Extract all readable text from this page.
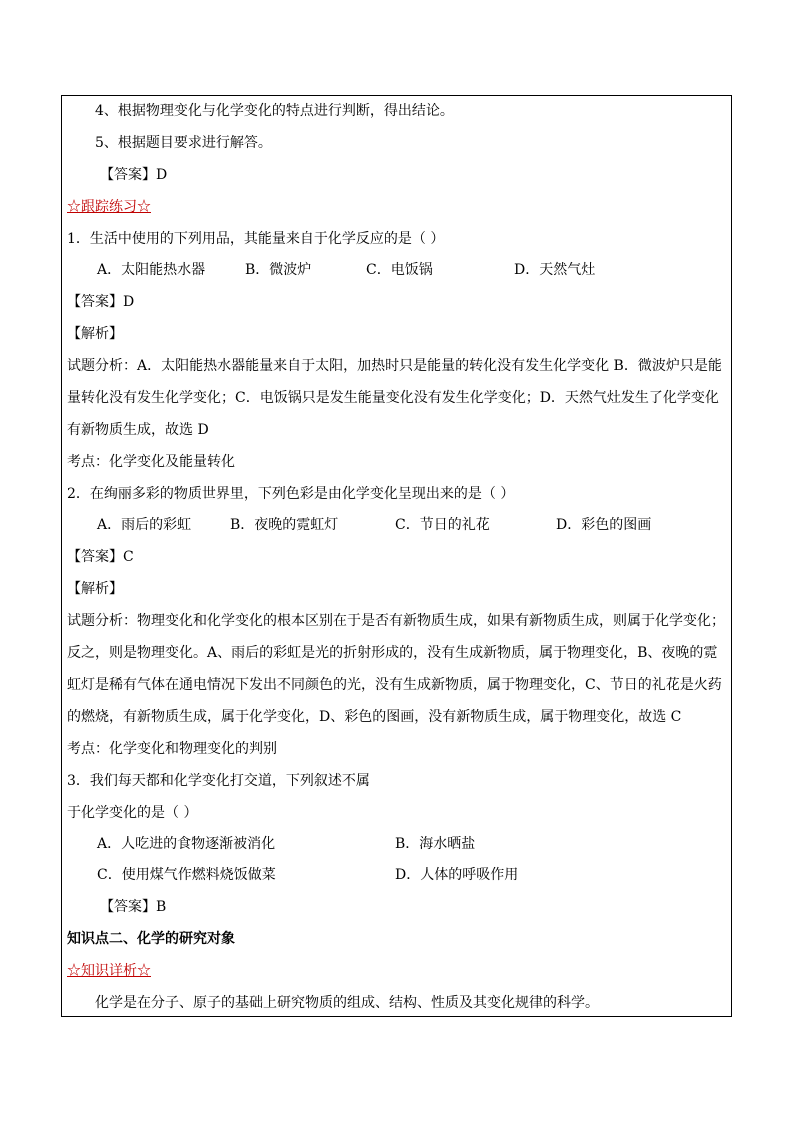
4、根据物理变化与化学变化的特点进行判断，得出结论。
5、根据题目要求进行解答。
【答案】D
☆跟踪练习☆
1．生活中使用的下列用品，其能量来自于化学反应的是（ ）
A．太阳能热水器	B．微波炉	C．电饭锅	D．天然气灶
【答案】D
【解析】
试题分析：A．太阳能热水器能量来自于太阳，加热时只是能量的转化没有发生化学变化 B．微波炉只是能
量转化没有发生化学变化；C．电饭锅只是发生能量变化没有发生化学变化；D．天然气灶发生了化学变化
有新物质生成，故选 D
考点：化学变化及能量转化
2．在绚丽多彩的物质世界里，下列色彩是由化学变化呈现出来的是（ ）
A．雨后的彩虹	B．夜晚的霓虹灯	C．节日的礼花	D．彩色的图画
【答案】C
【解析】
试题分析：物理变化和化学变化的根本区别在于是否有新物质生成，如果有新物质生成，则属于化学变化；
反之，则是物理变化。A、雨后的彩虹是光的折射形成的，没有生成新物质，属于物理变化，B、夜晚的霓
虹灯是稀有气体在通电情况下发出不同颜色的光，没有生成新物质，属于物理变化，C、节日的礼花是火药
的燃烧，有新物质生成，属于化学变化，D、彩色的图画，没有新物质生成，属于物理变化，故选 C
考点：化学变化和物理变化的判别
3．我们每天都和化学变化打交道，下列叙述不属
于化学变化的是（ ）
A．人吃进的食物逐渐被消化	B．海水晒盐
C．使用煤气作燃料烧饭做菜	D．人体的呼吸作用
【答案】B
知识点二、化学的研究对象
☆知识详析☆
化学是在分子、原子的基础上研究物质的组成、结构、性质及其变化规律的科学。
